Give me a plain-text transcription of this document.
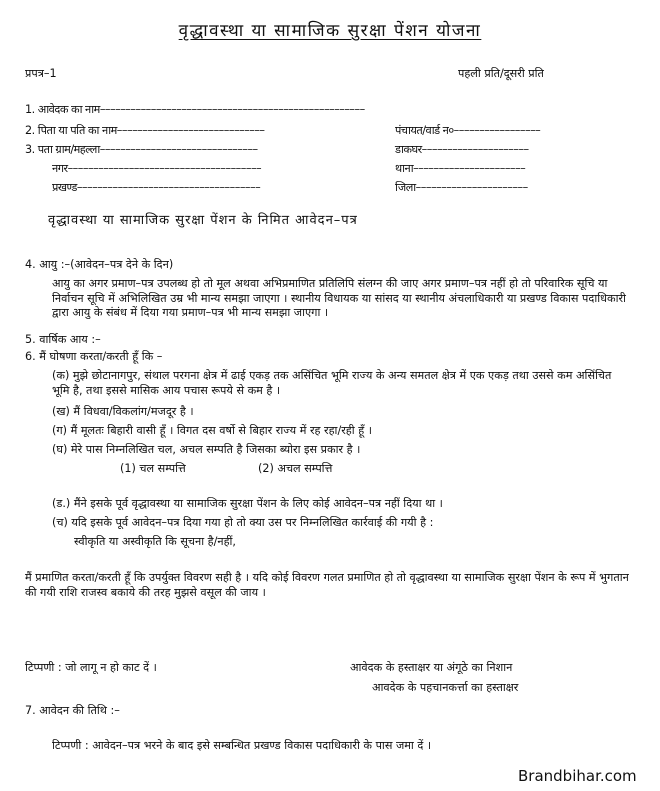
वृद्धावस्था या सामाजिक सुरक्षा पेंशन योजना
प्रपत्र–1	पहली प्रति/दूसरी प्रति
1. आवेदक का नाम––––––––––––––––––––––––––––––––––––––––––––––––––––
2. पिता या पति का नाम–––––––––––––––––––––––––––––	पंचायत/वार्ड न०–––––––––––––––––
3. पता ग्राम/महल्ला–––––––––––––––––––––––––––––––	डाकघर–––––––––––––––––––––
नगर––––––––––––––––––––––––––––––––––––––	थाना––––––––––––––––––––––
प्रखण्ड––––––––––––––––––––––––––––––––––––	जिला––––––––––––––––––––––
वृद्धावस्था या सामाजिक सुरक्षा पेंशन के निमित आवेदन–पत्र
4. आयु :–(आवेदन–पत्र देने के दिन)
आयु का अगर प्रमाण–पत्र उपलब्ध हो तो मूल अथवा अभिप्रमाणित प्रतिलिपि संलग्न की जाए अगर प्रमाण–पत्र नहीं हो तो परिवारिक सूचि या निर्वाचन सूचि में अभिलिखित उम्र भी मान्य समझा जाएगा । स्थानीय विधायक या सांसद या स्थानीय अंचलाधिकारी या प्रखण्ड विकास पदाधिकारी द्वारा आयु के संबंध में दिया गया प्रमाण–पत्र भी मान्य समझा जाएगा ।
5. वार्षिक आय :–
6. मैं घोषणा करता/करती हूँ कि –
(क) मुझे छोटानागपुर, संथाल परगना क्षेत्र में ढाई एकड़ तक असिंचित भूमि राज्य के अन्य समतल क्षेत्र में एक एकड़ तथा उससे कम असिंचित भूमि है, तथा इससे मासिक आय पचास रूपये से कम है ।
(ख) मैं विधवा/विकलांग/मजदूर है ।
(ग) मैं मूलतः बिहारी वासी हूँ । विगत दस वर्षो से बिहार राज्य में रह रहा/रही हूँ ।
(घ) मेरे पास निम्नलिखित चल, अचल सम्पति है जिसका ब्योरा इस प्रकार है ।
(1) चल सम्पत्ति	(2) अचल सम्पत्ति
(ड.) मैंने इसके पूर्व वृद्धावस्था या सामाजिक सुरक्षा पेंशन के लिए कोई आवेदन–पत्र नहीं दिया था ।
(च) यदि इसके पूर्व आवेदन–पत्र दिया गया हो तो क्या उस पर निम्नलिखित कार्रवाई की गयी है :
स्वीकृति या अस्वीकृति कि सूचना है/नहीं,
मैं प्रमाणित करता/करती हूँ कि उपर्युक्त विवरण सही है । यदि कोई विवरण गलत प्रमाणित हो तो वृद्धावस्था या सामाजिक सुरक्षा पेंशन के रूप में भुगतान की गयी राशि राजस्व बकाये की तरह मुझसे वसूल की जाय ।
टिप्पणी : जो लागू न हो काट दें ।	आवेदक के हस्ताक्षर या अंगूठे का निशान
आवदेक के पहचानकर्त्ता का हस्ताक्षर
7. आवेदन की तिथि :–
टिप्पणी : आवेदन–पत्र भरने के बाद इसे सम्बन्धित प्रखण्ड विकास पदाधिकारी के पास जमा दें ।
Brandbihar.com
